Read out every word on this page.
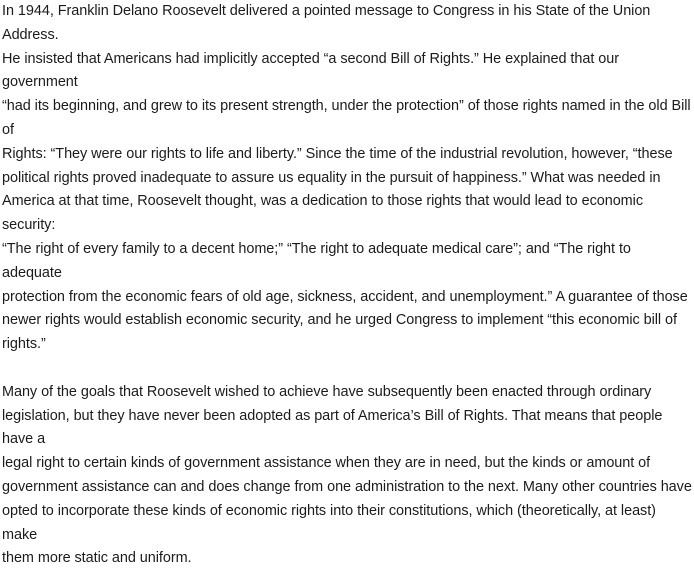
In 1944, Franklin Delano Roosevelt delivered a pointed message to Congress in his State of the Union Address.
He insisted that Americans had implicitly accepted “a second Bill of Rights.” He explained that our government
“had its beginning, and grew to its present strength, under the protection” of those rights named in the old Bill of
Rights: “They were our rights to life and liberty.” Since the time of the industrial revolution, however, “these
political rights proved inadequate to assure us equality in the pursuit of happiness.” What was needed in
America at that time, Roosevelt thought, was a dedication to those rights that would lead to economic security:
“The right of every family to a decent home;” “The right to adequate medical care”; and “The right to adequate
protection from the economic fears of old age, sickness, accident, and unemployment.” A guarantee of those
newer rights would establish economic security, and he urged Congress to implement “this economic bill of
rights.”

Many of the goals that Roosevelt wished to achieve have subsequently been enacted through ordinary
legislation, but they have never been adopted as part of America’s Bill of Rights. That means that people have a
legal right to certain kinds of government assistance when they are in need, but the kinds or amount of
government assistance can and does change from one administration to the next. Many other countries have
opted to incorporate these kinds of economic rights into their constitutions, which (theoretically, at least) make
them more static and uniform.
